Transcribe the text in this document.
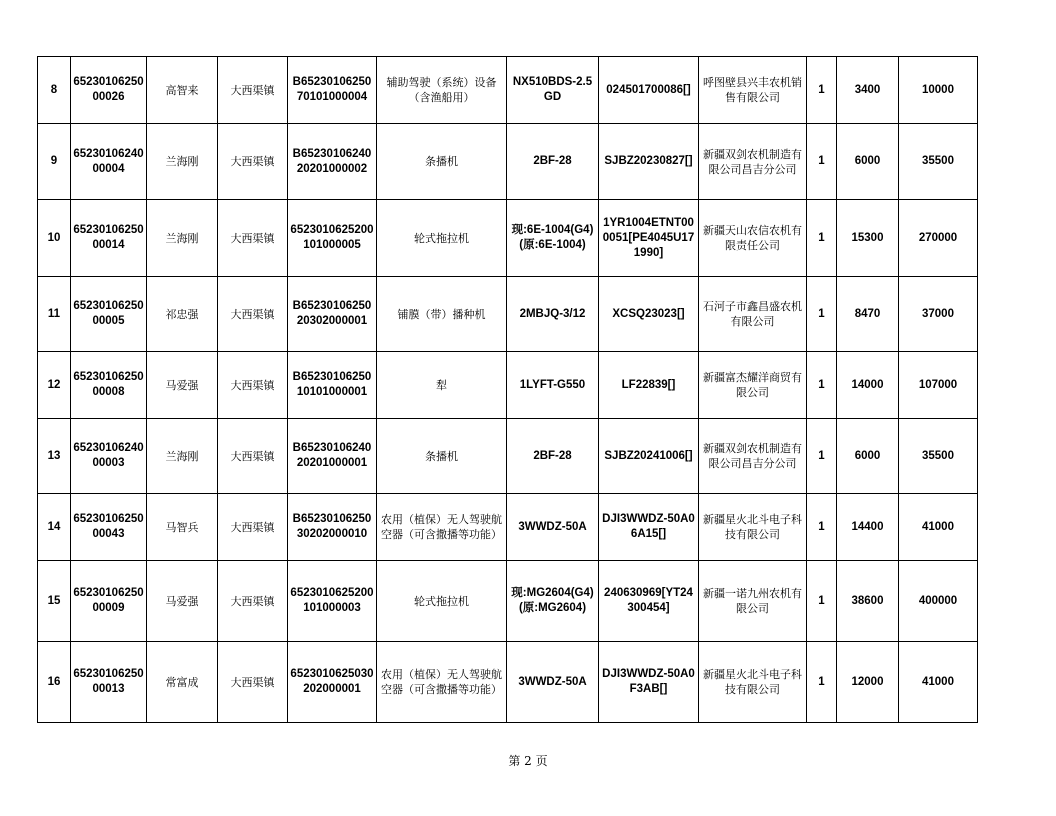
8	6523010625000026	高智来	大西渠镇	B6523010625070101000004	辅助驾驶（系统）设备（含渔船用）	NX510BDS-2.5GD	024501700086[]	呼图壁县兴丰农机销售有限公司	1	3400	10000
9	6523010624000004	兰海刚	大西渠镇	B6523010624020201000002	条播机	2BF-28	SJBZ20230827[]	新疆双剑农机制造有限公司昌吉分公司	1	6000	35500
10	6523010625000014	兰海刚	大西渠镇	6523010625200101000005	轮式拖拉机	现:6E-1004(G4)(原:6E-1004)	1YR1004ETNT000051[PE4045U171990]	新疆天山农信农机有限责任公司	1	15300	270000
11	6523010625000005	祁忠强	大西渠镇	B6523010625020302000001	铺膜（带）播种机	2MBJQ-3/12	XCSQ23023[]	石河子市鑫昌盛农机有限公司	1	8470	37000
12	6523010625000008	马爱强	大西渠镇	B6523010625010101000001	犁	1LYFT-G550	LF22839[]	新疆富杰耀洋商贸有限公司	1	14000	107000
13	6523010624000003	兰海刚	大西渠镇	B6523010624020201000001	条播机	2BF-28	SJBZ20241006[]	新疆双剑农机制造有限公司昌吉分公司	1	6000	35500
14	6523010625000043	马智兵	大西渠镇	B6523010625030202000010	农用（植保）无人驾驶航空器（可含撒播等功能）	3WWDZ-50A	DJI3WWDZ-50A06A15[]	新疆星火北斗电子科技有限公司	1	14400	41000
15	6523010625000009	马爱强	大西渠镇	6523010625200101000003	轮式拖拉机	现:MG2604(G4)(原:MG2604)	240630969[YT24300454]	新疆一诺九州农机有限公司	1	38600	400000
16	6523010625000013	常富成	大西渠镇	6523010625030202000001	农用（植保）无人驾驶航空器（可含撒播等功能）	3WWDZ-50A	DJI3WWDZ-50A0F3AB[]	新疆星火北斗电子科技有限公司	1	12000	41000
第 2 页
